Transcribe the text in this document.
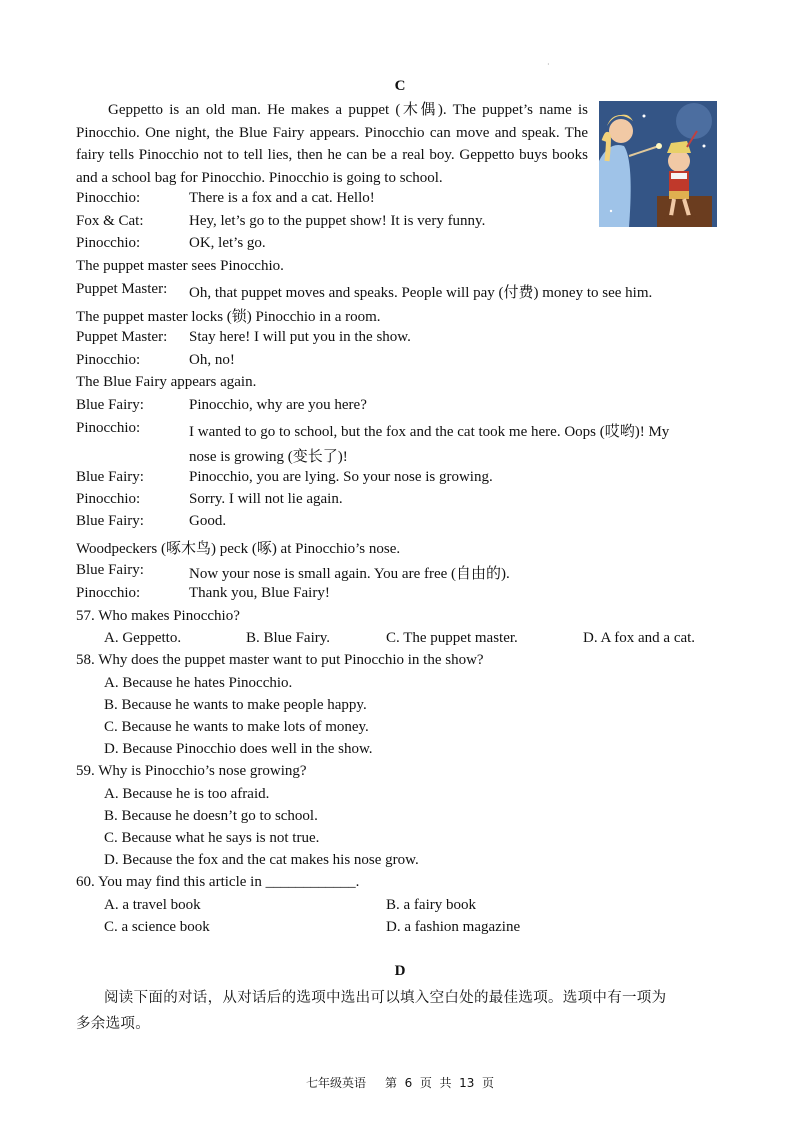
C
·
Geppetto is an old man. He makes a puppet (木偶). The puppet’s name is Pinocchio. One night, the Blue Fairy appears. Pinocchio can move and speak. The fairy tells Pinocchio not to tell lies, then he can be a real boy. Geppetto buys books and a school bag for Pinocchio. Pinocchio is going to school.
Pinocchio:	There is a fox and a cat. Hello!
Fox & Cat:	Hey, let’s go to the puppet show! It is very funny.
Pinocchio:	OK, let’s go.
The puppet master sees Pinocchio.
Puppet Master: Oh, that puppet moves and speaks. People will pay (付费) money to see him.
The puppet master locks (锁) Pinocchio in a room.
Puppet Master: Stay here! I will put you in the show.
Pinocchio:	Oh, no!
The Blue Fairy appears again.
Blue Fairy:	Pinocchio, why are you here?
Pinocchio:	I wanted to go to school, but the fox and the cat took me here. Oops (哎哟)! My
nose is growing (变长了)!
Blue Fairy:	Pinocchio, you are lying. So your nose is growing.
Pinocchio:	Sorry. I will not lie again.
Blue Fairy:	Good.
Woodpeckers (啄木鸟) peck (啄) at Pinocchio’s nose.
Blue Fairy:	Now your nose is small again. You are free (自由的).
Pinocchio:	Thank you, Blue Fairy!
57. Who makes Pinocchio?
A. Geppetto.	B. Blue Fairy.	C. The puppet master.	D. A fox and a cat.
58. Why does the puppet master want to put Pinocchio in the show?
A. Because he hates Pinocchio.
B. Because he wants to make people happy.
C. Because he wants to make lots of money.
D. Because Pinocchio does well in the show.
59. Why is Pinocchio’s nose growing?
A. Because he is too afraid.
B. Because he doesn’t go to school.
C. Because what he says is not true.
D. Because the fox and the cat makes his nose grow.
60. You may find this article in ____________.
A. a travel book	B. a fairy book
C. a science book	D. a fashion magazine
D
阅读下面的对话，从对话后的选项中选出可以填入空白处的最佳选项。选项中有一项为
多余选项。
七年级英语     第  6  页  共  13  页
